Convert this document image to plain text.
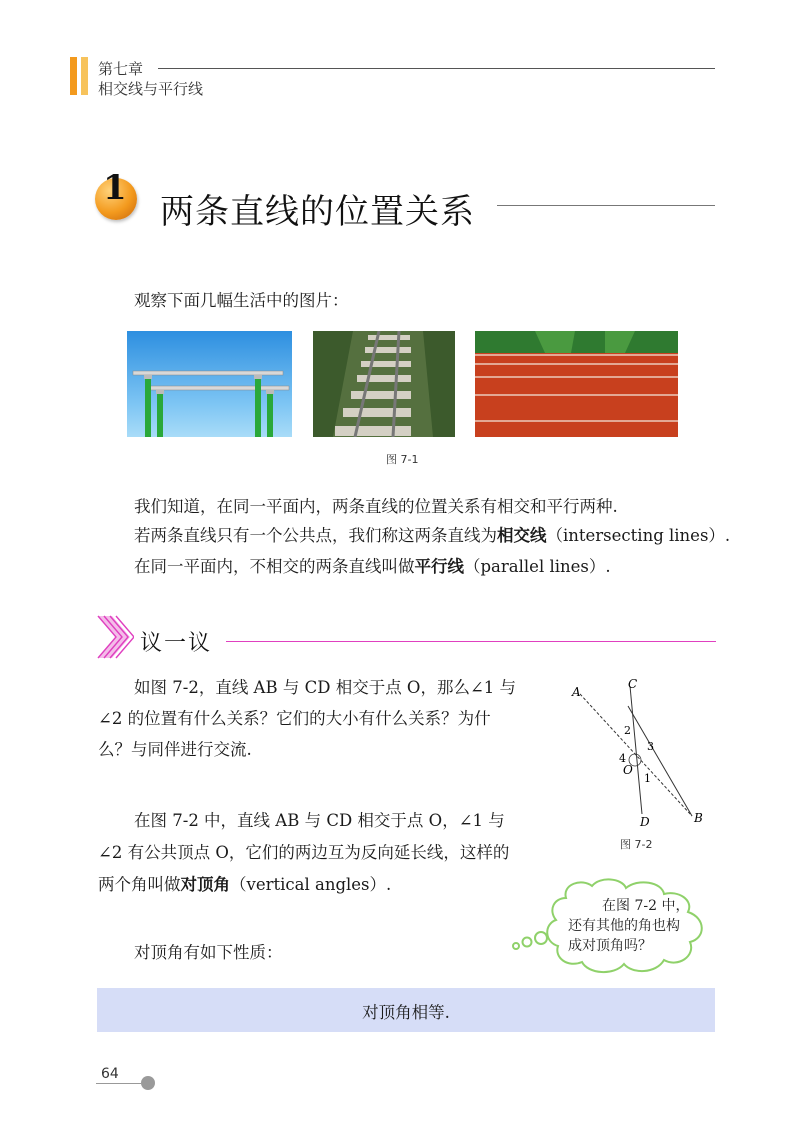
第七章
相交线与平行线
1
两条直线的位置关系
观察下面几幅生活中的图片：
图 7-1
我们知道，在同一平面内，两条直线的位置关系有相交和平行两种.
若两条直线只有一个公共点，我们称这两条直线为相交线（intersecting lines）.
在同一平面内，不相交的两条直线叫做平行线（parallel lines）.
议一议
如图 7-2，直线 AB 与 CD 相交于点 O，那么∠1 与
∠2 的位置有什么关系？它们的大小有什么关系？为什
么？与同伴进行交流.
A
C
2
3
4
O
1
D	B
图 7-2
在图 7-2 中，直线 AB 与 CD 相交于点 O，∠1 与
∠2 有公共顶点 O，它们的两边互为反向延长线，这样的
两个角叫做对顶角（vertical angles）.
在图 7-2 中，
还有其他的角也构
成对顶角吗？
对顶角有如下性质：
对顶角相等.
64
